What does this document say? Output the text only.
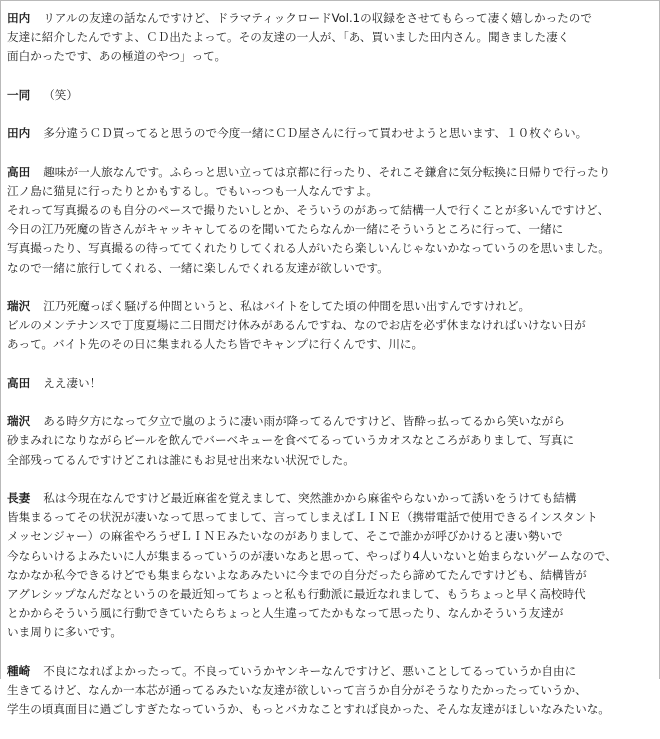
田内 リアルの友達の話なんですけど、ドラマティックロードVol.1の収録をさせてもらって凄く嬉しかったので
友達に紹介したんですよ、ＣＤ出たよって。その友達の一人が、「あ、買いました田内さん。聞きました凄く
面白かったです、あの極道のやつ」って。
一同 （笑）
田内 多分違うＣＤ買ってると思うので今度一緒にＣＤ屋さんに行って買わせようと思います、１０枚ぐらい。
高田 趣味が一人旅なんです。ふらっと思い立っては京都に行ったり、それこそ鎌倉に気分転換に日帰りで行ったり
江ノ島に猫見に行ったりとかもするし。でもいっつも一人なんですよ。
それって写真撮るのも自分のペースで撮りたいしとか、そういうのがあって結構一人で行くことが多いんですけど、
今日の江乃死魔の皆さんがキャッキャしてるのを聞いてたらなんか一緒にそういうところに行って、一緒に
写真撮ったり、写真撮るの待っててくれたりしてくれる人がいたら楽しいんじゃないかなっていうのを思いました。
なので一緒に旅行してくれる、一緒に楽しんでくれる友達が欲しいです。
瑞沢 江乃死魔っぽく騒げる仲間というと、私はバイトをしてた頃の仲間を思い出すんですけれど。
ビルのメンテナンスで丁度夏場に二日間だけ休みがあるんですね、なのでお店を必ず休まなければいけない日が
あって。バイト先のその日に集まれる人たち皆でキャンプに行くんです、川に。
高田 ええ凄い！
瑞沢 ある時夕方になって夕立で嵐のように凄い雨が降ってるんですけど、皆酔っ払ってるから笑いながら
砂まみれになりながらビールを飲んでバーベキューを食べてるっていうカオスなところがありまして、写真に
全部残ってるんですけどこれは誰にもお見せ出来ない状況でした。
長妻 私は今現在なんですけど最近麻雀を覚えまして、突然誰かから麻雀やらないかって誘いをうけても結構
皆集まるってその状況が凄いなって思ってまして、言ってしまえばＬＩＮＥ（携帯電話で使用できるインスタント
メッセンジャー）の麻雀やろうぜＬＩＮＥみたいなのがありまして、そこで誰かが呼びかけると凄い勢いで
今ならいけるよみたいに人が集まるっていうのが凄いなあと思って、やっぱり4人いないと始まらないゲームなので、
なかなか私今できるけどでも集まらないよなあみたいに今までの自分だったら諦めてたんですけども、結構皆が
アグレシップなんだなというのを最近知ってちょっと私も行動派に最近なれまして、もうちょっと早く高校時代
とかからそういう風に行動できていたらちょっと人生違ってたかもなって思ったり、なんかそういう友達が
いま周りに多いです。
種崎 不良になればよかったって。不良っていうかヤンキーなんですけど、悪いことしてるっていうか自由に
生きてるけど、なんか一本芯が通ってるみたいな友達が欲しいって言うか自分がそうなりたかったっていうか、
学生の頃真面目に過ごしすぎたなっていうか、もっとバカなことすれば良かった、そんな友達がほしいなみたいな。
